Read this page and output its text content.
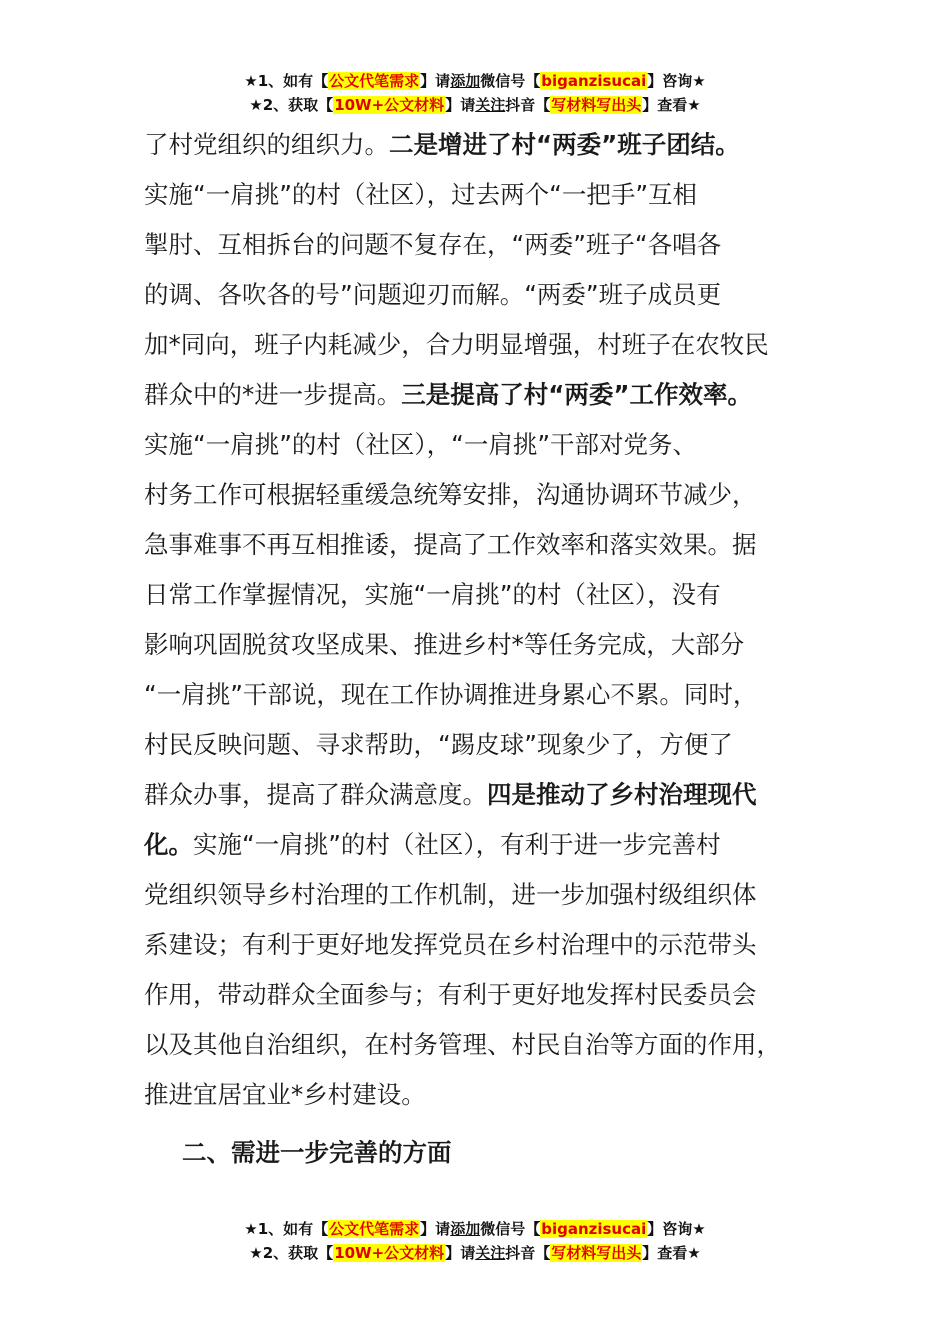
★1、如有【公文代笔需求】请添加微信号【biganzisucai】咨询★
★2、获取【10W+公文材料】请关注抖音【写材料写出头】查看★
了村党组织的组织力。二是增进了村“两委”班子团结。
实施“一肩挑”的村（社区），过去两个“一把手”互相
掣肘、互相拆台的问题不复存在，“两委”班子“各唱各
的调、各吹各的号”问题迎刃而解。“两委”班子成员更
加*同向，班子内耗减少，合力明显增强，村班子在农牧民
群众中的*进一步提高。三是提高了村“两委”工作效率。
实施“一肩挑”的村（社区），“一肩挑”干部对党务、
村务工作可根据轻重缓急统筹安排，沟通协调环节减少，
急事难事不再互相推诿，提高了工作效率和落实效果。据
日常工作掌握情况，实施“一肩挑”的村（社区），没有
影响巩固脱贫攻坚成果、推进乡村*等任务完成，大部分
“一肩挑”干部说，现在工作协调推进身累心不累。同时，
村民反映问题、寻求帮助，“踢皮球”现象少了，方便了
群众办事，提高了群众满意度。四是推动了乡村治理现代
化。实施“一肩挑”的村（社区），有利于进一步完善村
党组织领导乡村治理的工作机制，进一步加强村级组织体
系建设；有利于更好地发挥党员在乡村治理中的示范带头
作用，带动群众全面参与；有利于更好地发挥村民委员会
以及其他自治组织，在村务管理、村民自治等方面的作用，
推进宜居宜业*乡村建设。
二、需进一步完善的方面
★1、如有【公文代笔需求】请添加微信号【biganzisucai】咨询★
★2、获取【10W+公文材料】请关注抖音【写材料写出头】查看★
